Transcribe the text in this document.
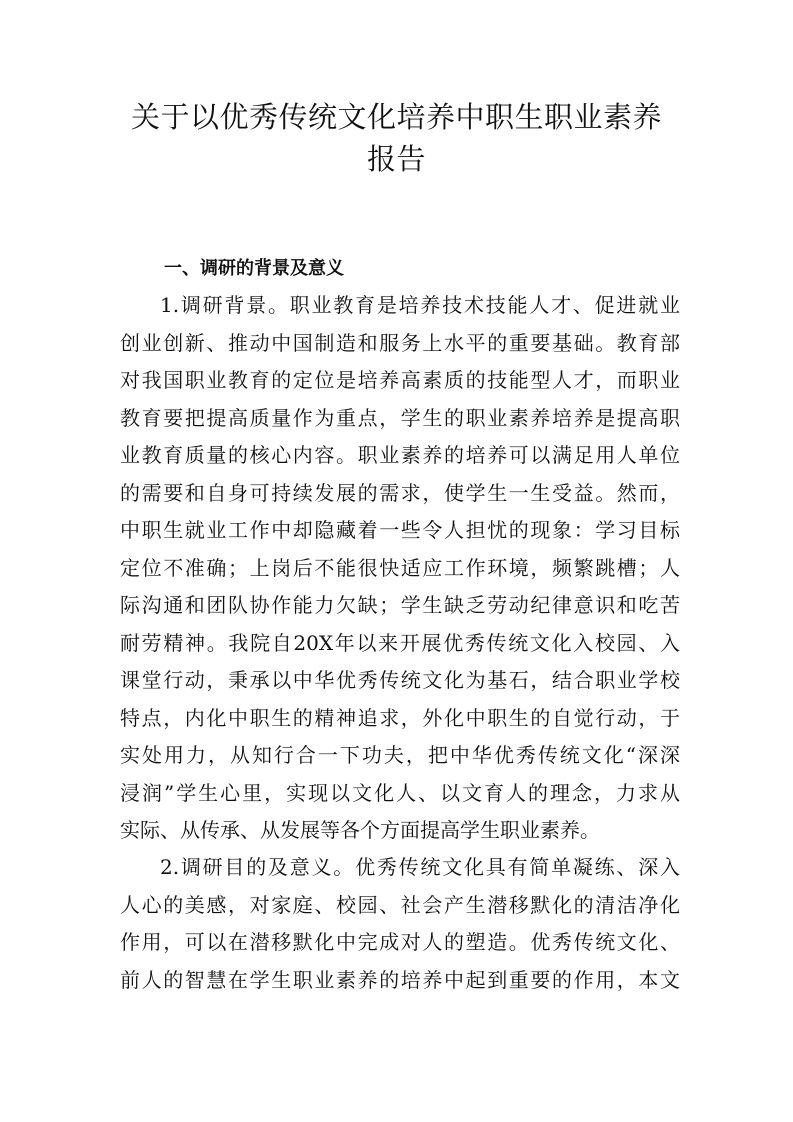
关于以优秀传统文化培养中职生职业素养
报告
一、调研的背景及意义
1.调研背景。职业教育是培养技术技能人才、促进就业
创业创新、推动中国制造和服务上水平的重要基础。教育部
对我国职业教育的定位是培养高素质的技能型人才，而职业
教育要把提高质量作为重点，学生的职业素养培养是提高职
业教育质量的核心内容。职业素养的培养可以满足用人单位
的需要和自身可持续发展的需求，使学生一生受益。然而，
中职生就业工作中却隐藏着一些令人担忧的现象：学习目标
定位不准确；上岗后不能很快适应工作环境，频繁跳槽；人
际沟通和团队协作能力欠缺；学生缺乏劳动纪律意识和吃苦
耐劳精神。我院自20X年以来开展优秀传统文化入校园、入
课堂行动，秉承以中华优秀传统文化为基石，结合职业学校
特点，内化中职生的精神追求，外化中职生的自觉行动，于
实处用力，从知行合一下功夫，把中华优秀传统文化“深深
浸润”学生心里，实现以文化人、以文育人的理念，力求从
实际、从传承、从发展等各个方面提高学生职业素养。
2.调研目的及意义。优秀传统文化具有简单凝练、深入
人心的美感，对家庭、校园、社会产生潜移默化的清洁净化
作用，可以在潜移默化中完成对人的塑造。优秀传统文化、
前人的智慧在学生职业素养的培养中起到重要的作用，本文
